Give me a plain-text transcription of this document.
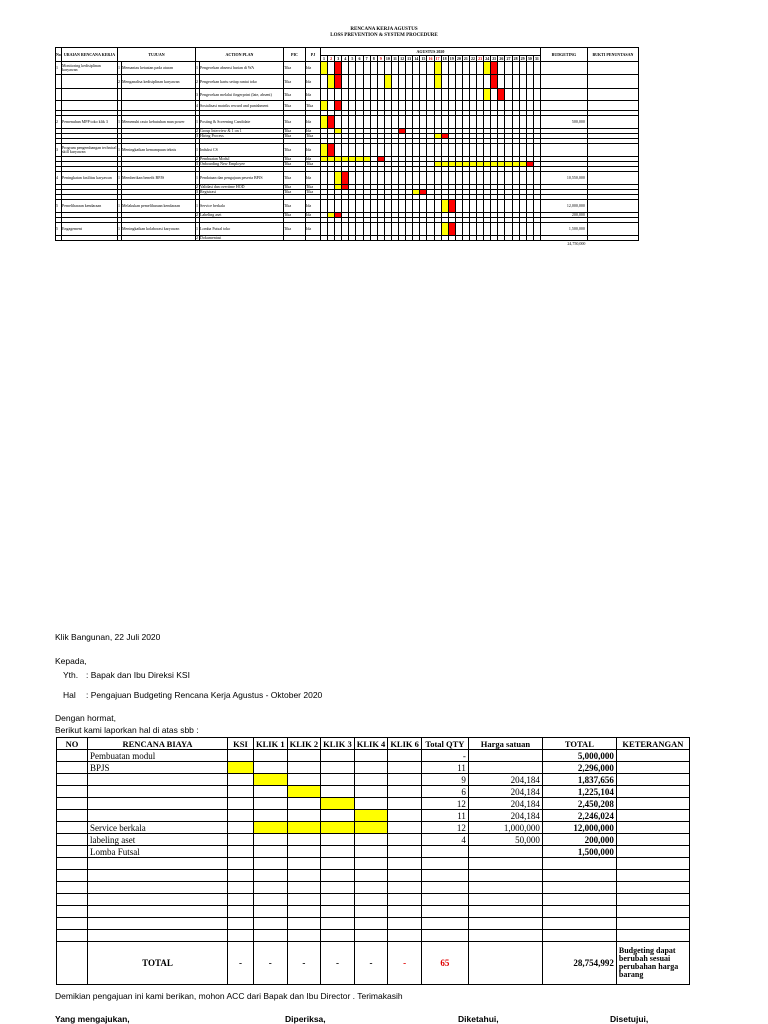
RENCANA KERJA AGUSTUS
LOSS PREVENTION & SYSTEM PROCEDURE
No	URAIAN RENCANA KERJA	TUJUAN		ACTION PLAN		PIC	PJ	AGUSTUS 2020																															BUDGETING	BUKTI PENUNTASAN
								1	2	3	4	5	6	7	8	9	10	11	12	13	14	15	16	17	18	19	20	21	22	23	24	25	26	27	28	29	30	31		
1	Monitoring kedisiplinan karyawan	1	Memantau ketaatan pada aturan	1	Pengecekan absensi harian di WA	Tika	Ida																																	
		2	Menganalisa kedisiplinan karyawan	2	Pengecekan kartu setiap rantai toko	Tika	Ida																																	
				3	Pengecekan melalui fingerprint (late, absent)	Tika	Ida																																	
				4	Sosialisasi matriks reward and punishment	Tika	Tika																																	

2	Pemenuhan MPP toko klik 3	1	Memenuhi rasio kebutuhan man power	1	Posting & Screening Candidate	Tika	Ida																																500,000	
				2	Group Interview & 1 on 1	Tika	Ida																																	
				3	Hiring Process	Tika	Tika																																	

3	Program pengembangan technical skill karyawan	1	Meningkatkan kemampuan teknis	1	Induksi CS	Tika	Ida																																	
				2	Pembuatan Modul	Tika	Ida																																	
				3	Onboarding New Employee	Tika	Tika																																	

4	Peningkatan fasilitas karyawan	1	Memberikan benefit BPJS	1	Pendataan dan pengajuan peserta BPJS	Tika	Ida																																10,550,000	
				2	Validasi dan overtime HOD	Tika	Tika																																	
				3	Registrasi	Tika	Tika																																	

5	Pemeliharaan kendaraan	1	Melakukan pemeliharaan kendaraan	1	Service berkala	Tika	Ida																																12,000,000	
				2	Labeling aset	Tika	Ida																																200,000	

5	Engagement	1	Meningkatkan kolaborasi karyawan	1	Lomba Futsal toko	Tika	Ida																																1,500,000	
				2	Dokumentasi																																			
																																							24,750,000	
Klik Bangunan, 22 Juli 2020
Kepada,
Yth. : Bapak dan Ibu Direksi KSI
Hal : Pengajuan Budgeting Rencana Kerja Agustus - Oktober 2020
Dengan hormat,
Berikut kami laporkan hal di atas sbb :
NO	RENCANA BIAYA	KSI	KLIK 1	KLIK 2	KLIK 3	KLIK 4	KLIK 6	Total QTY	Harga satuan	TOTAL	KETERANGAN
	Pembuatan modul							-		5,000,000	
	BPJS							11		2,296,000	
								9	204,184	1,837,656	
								6	204,184	1,225,104	
								12	204,184	2,450,208	
								11	204,184	2,246,024	
	Service berkala							12	1,000,000	12,000,000	
	labeling aset							4	50,000	200,000	
	Lomba Futsal									1,500,000	

	TOTAL	-	-	-	-	-	-	65		28,754,992	Budgeting dapat berubah sesuai perubahan harga barang
Demikian pengajuan ini kami berikan, mohon ACC dari Bapak dan Ibu Director . Terimakasih
Yang mengajukan,	Diperiksa,	Diketahui,	Disetujui,
